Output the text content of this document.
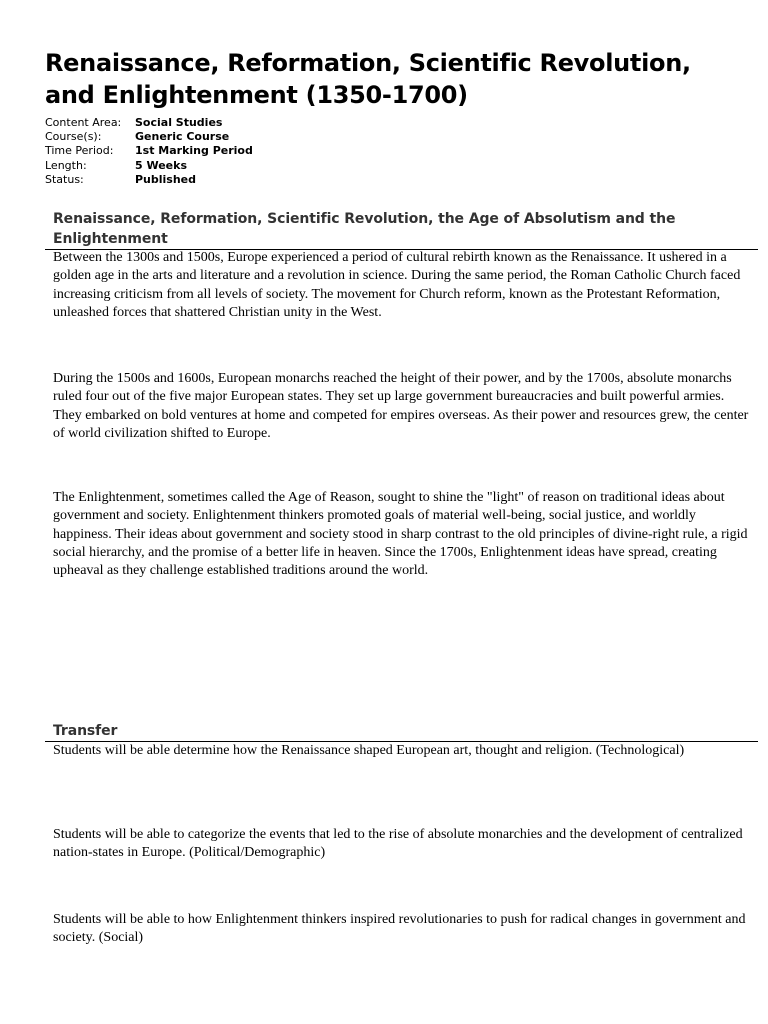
Renaissance, Reformation, Scientific Revolution, and Enlightenment (1350-1700)
Content Area:	Social Studies
Course(s):	Generic Course
Time Period:	1st Marking Period
Length:	5 Weeks
Status:	Published
Renaissance, Reformation, Scientific Revolution, the Age of Absolutism and the Enlightenment

Between the 1300s and 1500s, Europe experienced a period of cultural rebirth known as the Renaissance. It ushered in a golden age in the arts and literature and a revolution in science. During the same period, the Roman Catholic Church faced increasing criticism from all levels of society. The movement for Church reform, known as the Protestant Reformation, unleashed forces that shattered Christian unity in the West.

During the 1500s and 1600s, European monarchs reached the height of their power, and by the 1700s, absolute monarchs ruled four out of the five major European states. They set up large government bureaucracies and built powerful armies. They embarked on bold ventures at home and competed for empires overseas. As their power and resources grew, the center of world civilization shifted to Europe.

The Enlightenment, sometimes called the Age of Reason, sought to shine the "light" of reason on traditional ideas about government and society. Enlightenment thinkers promoted goals of material well-being, social justice, and worldly happiness. Their ideas about government and society stood in sharp contrast to the old principles of divine-right rule, a rigid social hierarchy, and the promise of a better life in heaven. Since the 1700s, Enlightenment ideas have spread, creating upheaval as they challenge established traditions around the world.

Transfer

Students will be able determine how the Renaissance shaped European art, thought and religion. (Technological)

Students will be able to categorize the events that led to the rise of absolute monarchies and the development of centralized nation-states in Europe. (Political/Demographic)

Students will be able to how Enlightenment thinkers inspired revolutionaries to push for radical changes in government and society. (Social)
